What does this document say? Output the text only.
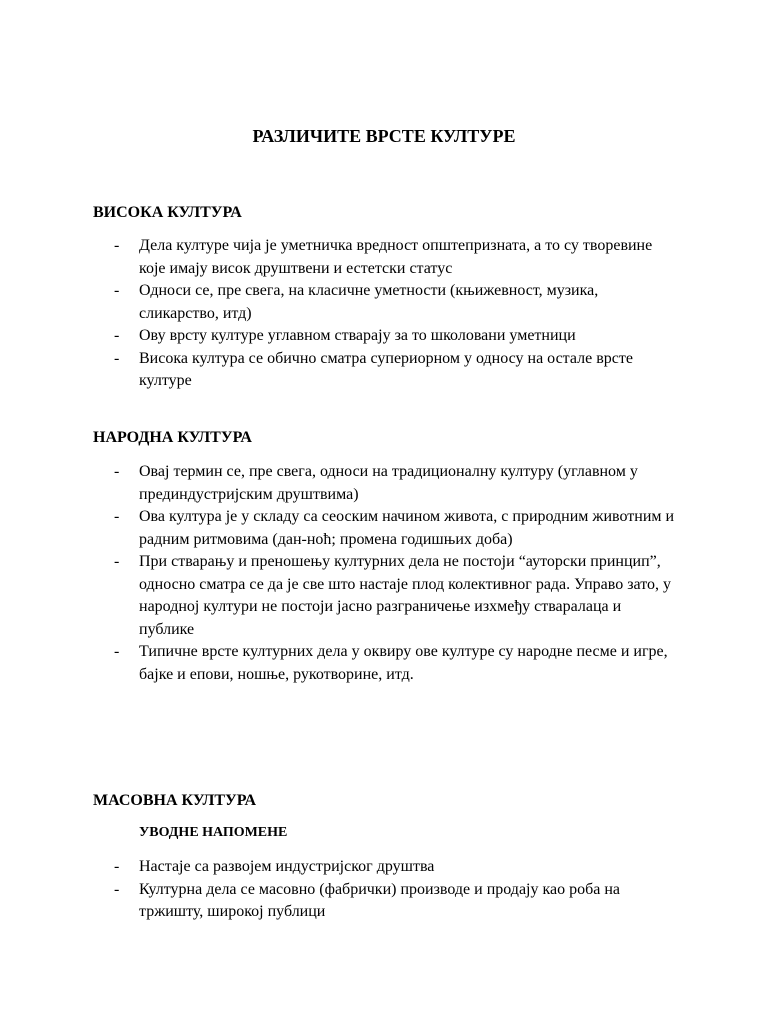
РАЗЛИЧИТЕ ВРСТЕ КУЛТУРЕ
ВИСОКА КУЛТУРА
- Дела културе чија је уметничка вредност општепризната, а то су творевине које имају висок друштвени и естетски статус
- Односи се, пре свега, на класичне уметности (књижевност, музика, сликарство, итд)
- Ову врсту културе углавном стварају за то школовани уметници
- Висока култура се обично сматра супериорном у односу на остале врсте културе
НАРОДНА КУЛТУРА
- Овај термин се, пре свега, односи на традиционалну културу (углавном у прединдустријским друштвима)
- Ова култура је у складу са сеоским начином живота, с природним животним и радним ритмовима (дан-ноћ; промена годишњих доба)
- При стварању и преношењу културних дела не постоји “ауторски принцип”, односно сматра се да је све што настаје плод колективног рада. Управо зато, у народној култури не постоји јасно разграничење изхмеђу стваралаца и публике
- Типичне врсте културних дела у оквиру ове културе су народне песме и игре, бајке и епови, ношње, рукотворине, итд.
МАСОВНА КУЛТУРА
УВОДНЕ НАПОМЕНЕ
- Настаје са развојем индустријског друштва
- Културна дела се масовно (фабрички) производе и продају као роба на тржишту, широкој публици
